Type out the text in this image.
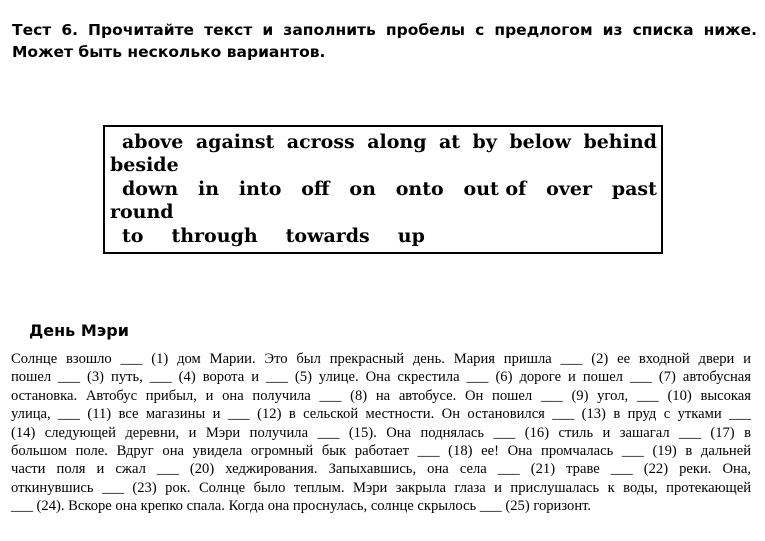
Тест 6. Прочитайте текст и заполнить пробелы с предлогом из списка ниже. Может быть несколько вариантов.
above against across along at by below behind
beside
down in into off on onto out of over past
round
to through towards up
День Мэри
Солнце взошло ___ (1) дом Марии. Это был прекрасный день. Мария пришла ___ (2) ее входной двери и
пошел ___ (3) путь, ___ (4) ворота и ___ (5) улице. Она скрестила ___ (6) дороге и пошел ___ (7) автобусная
остановка. Автобус прибыл, и она получила ___ (8) на автобусе. Он пошел ___ (9) угол, ___ (10) высокая
улица, ___ (11) все магазины и ___ (12) в сельской местности. Он остановился ___ (13) в пруд с утками ___
(14) следующей деревни, и Мэри получила ___ (15). Она поднялась ___ (16) стиль и зашагал ___ (17) в
большом поле. Вдруг она увидела огромный бык работает ___ (18) ее! Она промчалась ___ (19) в дальней
части поля и сжал ___ (20) хеджирования. Запыхавшись, она села ___ (21) траве ___ (22) реки. Она,
откинувшись ___ (23) рок. Солнце было теплым. Мэри закрыла глаза и прислушалась к воды, протекающей
___ (24). Вскоре она крепко спала. Когда она проснулась, солнце скрылось ___ (25) горизонт.
